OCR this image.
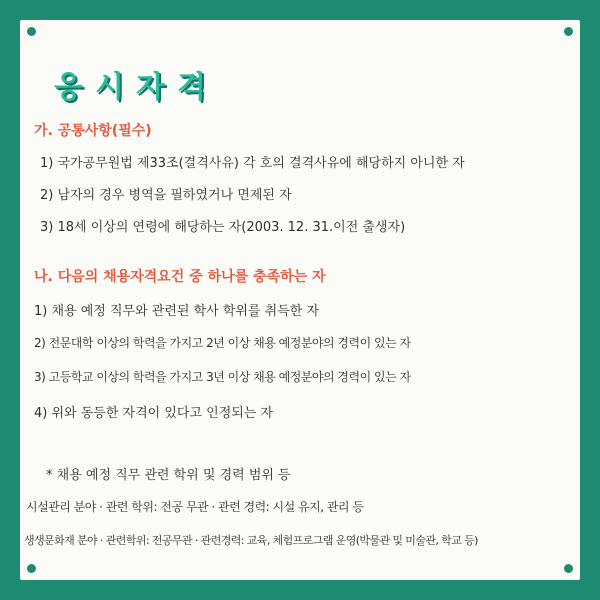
응시자격
가. 공통사항(필수)
1) 국가공무원법 제33조(결격사유) 각 호의 결격사유에 해당하지 아니한 자
2) 남자의 경우 병역을 필하였거나 면제된 자
3) 18세 이상의 연령에 해당하는 자(2003. 12. 31.이전 출생자)
나. 다음의 채용자격요건 중 하나를 충족하는 자
1) 채용 예정 직무와 관련된 학사 학위를 취득한 자
2) 전문대학 이상의 학력을 가지고 2년 이상 채용 예정분야의 경력이 있는 자
3) 고등학교 이상의 학력을 가지고 3년 이상 채용 예정분야의 경력이 있는 자
4) 위와 동등한 자격이 있다고 인정되는 자
* 채용 예정 직무 관련 학위 및 경력 범위 등
시설관리 분야 · 관련 학위: 전공 무관 · 관련 경력: 시설 유지, 관리 등
생생문화재 분야 · 관련학위: 전공무관 · 관련경력: 교육, 체험프로그램 운영(박물관 및 미술관, 학교 등)
